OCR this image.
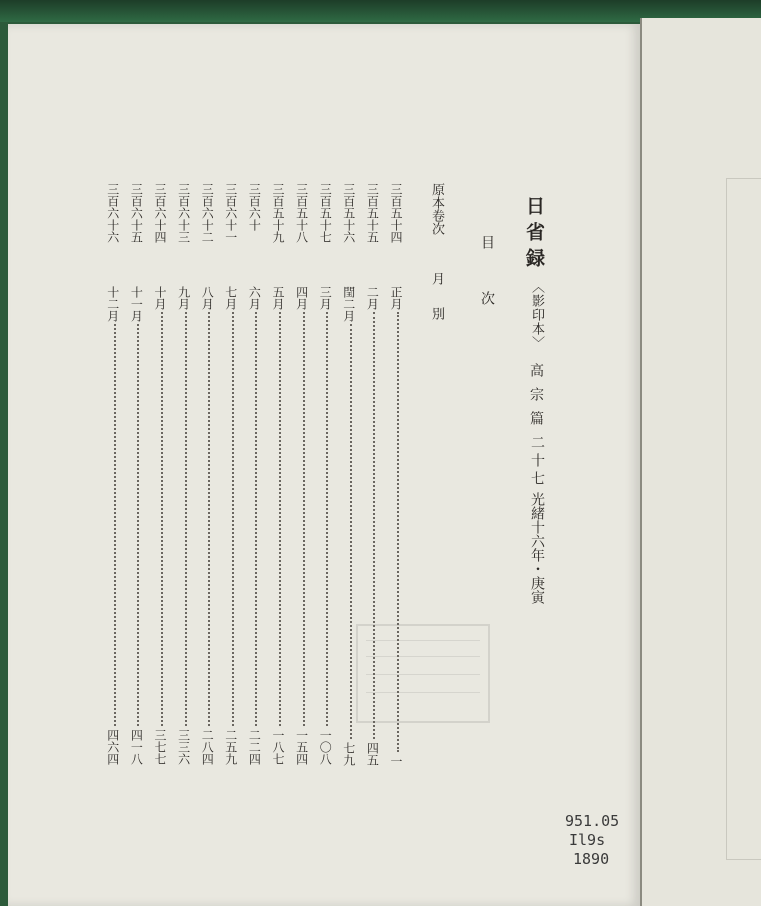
日省録
〈影印本〉
高宗篇
二十七
光緒十六年・庚寅
目次
原本卷次
月別
三百五十四
正月
一
三百五十五
二月
四五
三百五十六
閏二月
七九
三百五十七
三月
一〇八
三百五十八
四月
一五四
三百五十九
五月
一八七
三百六十
六月
二二四
三百六十一
七月
二五九
三百六十二
八月
二八四
三百六十三
九月
三三六
三百六十四
十月
三七七
三百六十五
十一月
四一八
三百六十六
十二月
四六四
951.05
Il9s
1890
